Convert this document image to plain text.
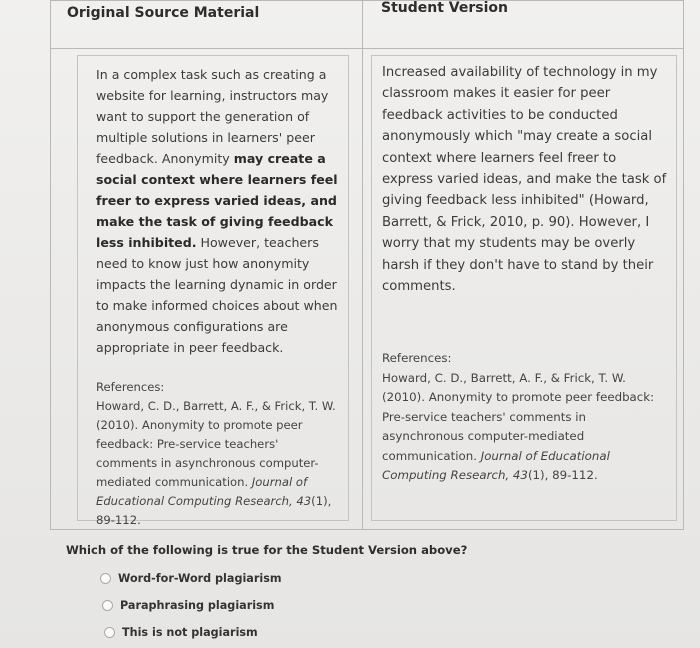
Original Source Material	Student Version

In a complex task such as creating a website for learning, instructors may want to support the generation of multiple solutions in learners' peer feedback. Anonymity may create a social context where learners feel freer to express varied ideas, and make the task of giving feedback less inhibited. However, teachers need to know just how anonymity impacts the learning dynamic in order to make informed choices about when anonymous configurations are appropriate in peer feedback.

References:
Howard, C. D., Barrett, A. F., & Frick, T. W. (2010). Anonymity to promote peer feedback: Pre-service teachers' comments in asynchronous computer-mediated communication. Journal of Educational Computing Research, 43(1), 89-112.

Increased availability of technology in my classroom makes it easier for peer feedback activities to be conducted anonymously which "may create a social context where learners feel freer to express varied ideas, and make the task of giving feedback less inhibited" (Howard, Barrett, & Frick, 2010, p. 90). However, I worry that my students may be overly harsh if they don't have to stand by their comments.

References:
Howard, C. D., Barrett, A. F., & Frick, T. W. (2010). Anonymity to promote peer feedback: Pre-service teachers' comments in asynchronous computer-mediated communication. Journal of Educational Computing Research, 43(1), 89-112.
Which of the following is true for the Student Version above?
Word-for-Word plagiarism
Paraphrasing plagiarism
This is not plagiarism
